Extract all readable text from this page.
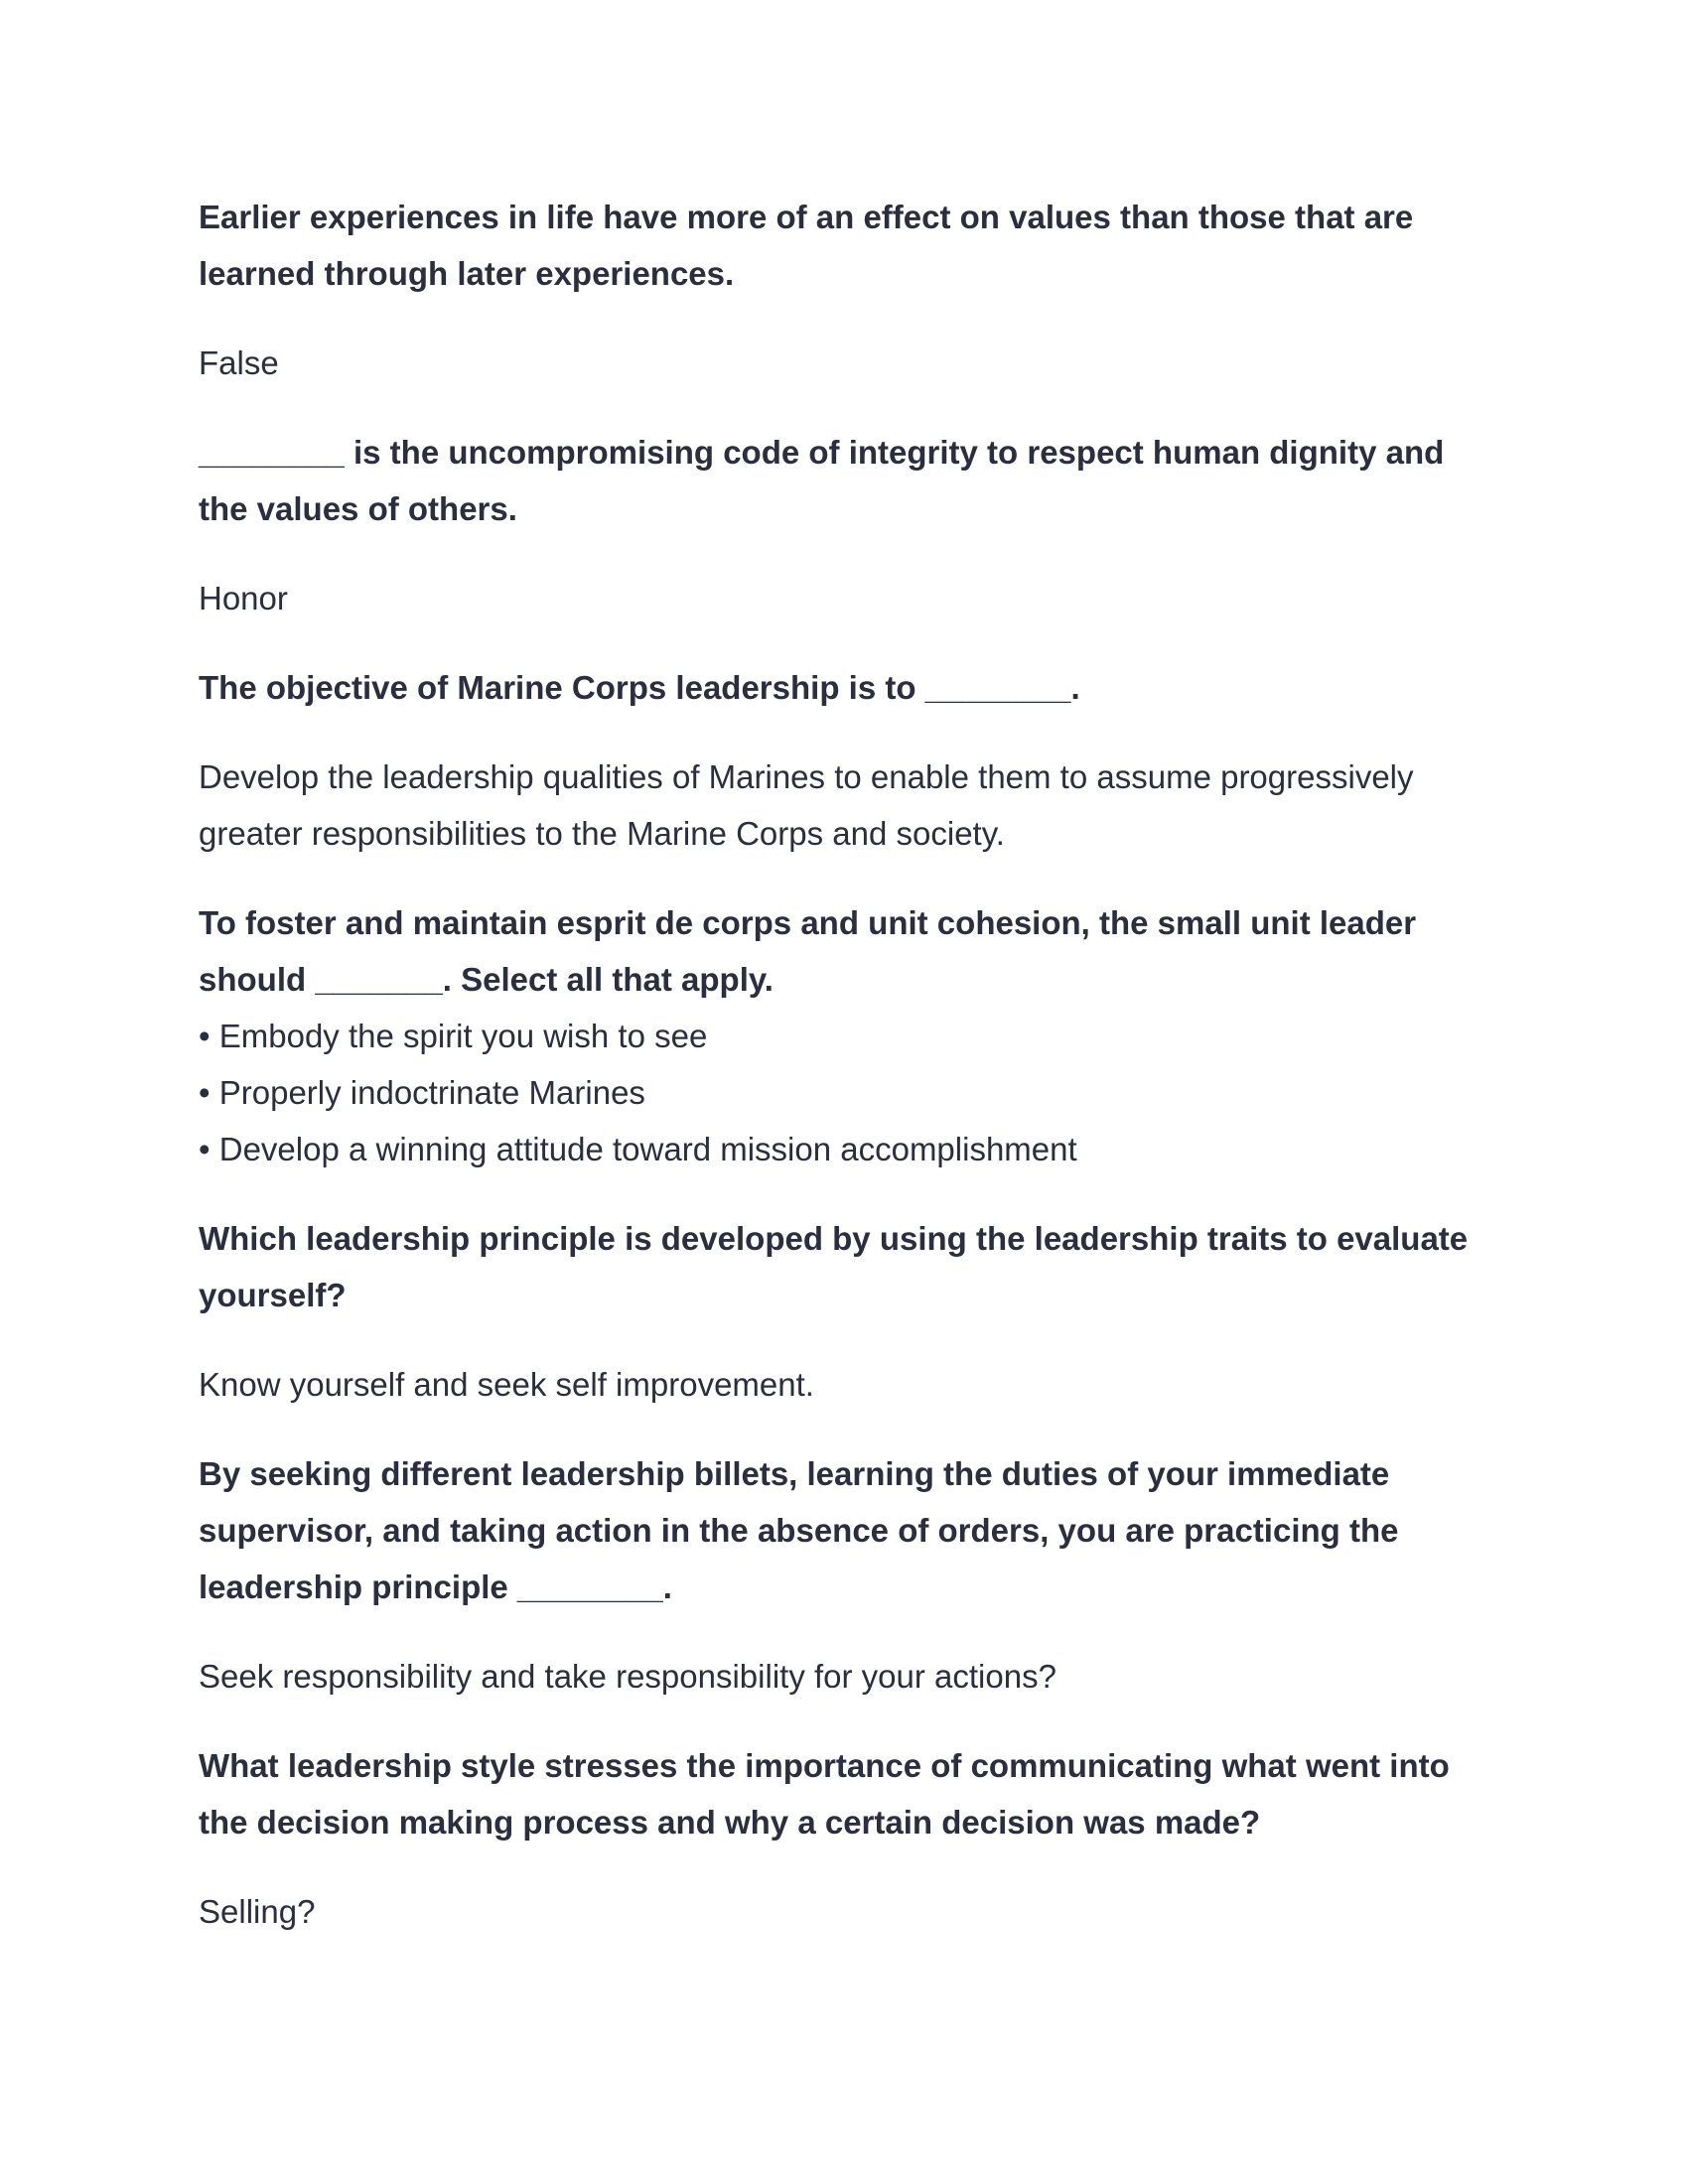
Earlier experiences in life have more of an effect on values than those that are learned through later experiences.

False

________ is the uncompromising code of integrity to respect human dignity and the values of others.

Honor

The objective of Marine Corps leadership is to ________.

Develop the leadership qualities of Marines to enable them to assume progressively greater responsibilities to the Marine Corps and society.

To foster and maintain esprit de corps and unit cohesion, the small unit leader should _______. Select all that apply.

• Embody the spirit you wish to see
• Properly indoctrinate Marines
• Develop a winning attitude toward mission accomplishment

Which leadership principle is developed by using the leadership traits to evaluate yourself?

Know yourself and seek self improvement.

By seeking different leadership billets, learning the duties of your immediate supervisor, and taking action in the absence of orders, you are practicing the leadership principle ________.

Seek responsibility and take responsibility for your actions?

What leadership style stresses the importance of communicating what went into the decision making process and why a certain decision was made?

Selling?
